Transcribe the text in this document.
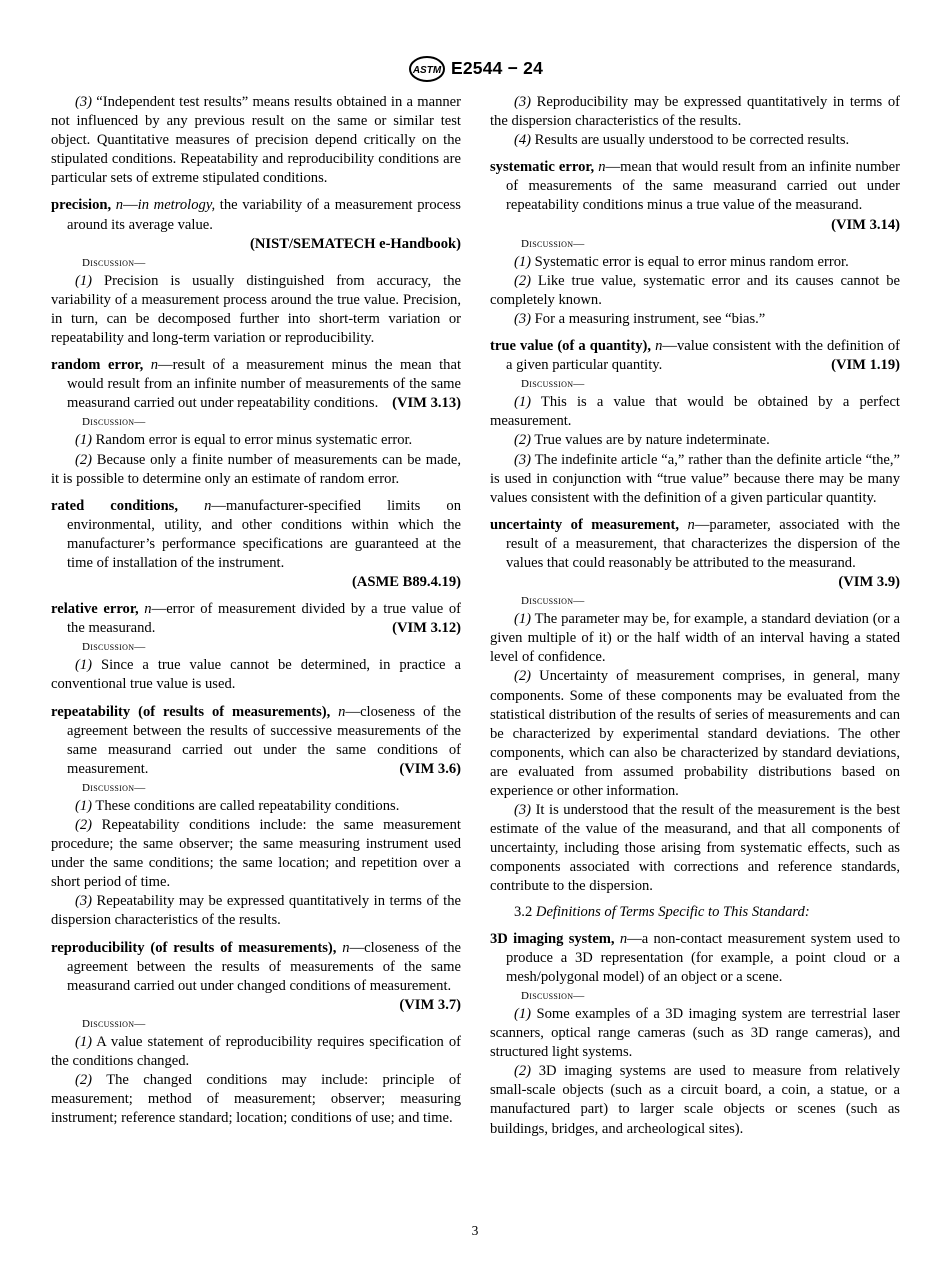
ASTM E2544 − 24

(3) “Independent test results” means results obtained in a manner not influenced by any previous result on the same or similar test object. Quantitative measures of precision depend critically on the stipulated conditions. Repeatability and reproducibility conditions are particular sets of extreme stipulated conditions.

precision, n—in metrology, the variability of a measurement process around its average value.

(NIST/SEMATECH e-Handbook)

Discussion—

(1) Precision is usually distinguished from accuracy, the variability of a measurement process around the true value. Precision, in turn, can be decomposed further into short-term variation or repeatability and long-term variation or reproducibility.

random error, n—result of a measurement minus the mean that would result from an infinite number of measurements of the same measurand carried out under repeatability conditions. (VIM 3.13)

Discussion—

(1) Random error is equal to error minus systematic error.

(2) Because only a finite number of measurements can be made, it is possible to determine only an estimate of random error.

rated conditions, n—manufacturer-specified limits on environmental, utility, and other conditions within which the manufacturer’s performance specifications are guaranteed at the time of installation of the instrument.

(ASME B89.4.19)

relative error, n—error of measurement divided by a true value of the measurand.	(VIM 3.12)

Discussion—

(1) Since a true value cannot be determined, in practice a conventional true value is used.

repeatability (of results of measurements), n—closeness of the agreement between the results of successive measurements of the same measurand carried out under the same conditions of measurement.	(VIM 3.6)

Discussion—

(1) These conditions are called repeatability conditions.

(2) Repeatability conditions include: the same measurement procedure; the same observer; the same measuring instrument used under the same conditions; the same location; and repetition over a short period of time.

(3) Repeatability may be expressed quantitatively in terms of the dispersion characteristics of the results.

reproducibility (of results of measurements), n—closeness of the agreement between the results of measurements of the same measurand carried out under changed conditions of measurement.
(VIM 3.7)

Discussion—

(1) A value statement of reproducibility requires specification of the conditions changed.

(2) The changed conditions may include: principle of measurement; method of measurement; observer; measuring instrument; reference standard; location; conditions of use; and time.

(3) Reproducibility may be expressed quantitatively in terms of the dispersion characteristics of the results.

(4) Results are usually understood to be corrected results.

systematic error, n—mean that would result from an infinite number of measurements of the same measurand carried out under repeatability conditions minus a true value of the measurand.
(VIM 3.14)

Discussion—

(1) Systematic error is equal to error minus random error.

(2) Like true value, systematic error and its causes cannot be completely known.

(3) For a measuring instrument, see “bias.”

true value (of a quantity), n—value consistent with the definition of a given particular quantity.	(VIM 1.19)

Discussion—

(1) This is a value that would be obtained by a perfect measurement.

(2) True values are by nature indeterminate.

(3) The indefinite article “a,” rather than the definite article “the,” is used in conjunction with “true value” because there may be many values consistent with the definition of a given particular quantity.

uncertainty of measurement, n—parameter, associated with the result of a measurement, that characterizes the dispersion of the values that could reasonably be attributed to the measurand.
(VIM 3.9)

Discussion—

(1) The parameter may be, for example, a standard deviation (or a given multiple of it) or the half width of an interval having a stated level of confidence.

(2) Uncertainty of measurement comprises, in general, many components. Some of these components may be evaluated from the statistical distribution of the results of series of measurements and can be characterized by experimental standard deviations. The other components, which can also be characterized by standard deviations, are evaluated from assumed probability distributions based on experience or other information.

(3) It is understood that the result of the measurement is the best estimate of the value of the measurand, and that all components of uncertainty, including those arising from systematic effects, such as components associated with corrections and reference standards, contribute to the dispersion.

3.2 Definitions of Terms Specific to This Standard:

3D imaging system, n—a non-contact measurement system used to produce a 3D representation (for example, a point cloud or a mesh/polygonal model) of an object or a scene.

Discussion—

(1) Some examples of a 3D imaging system are terrestrial laser scanners, optical range cameras (such as 3D range cameras), and structured light systems.

(2) 3D imaging systems are used to measure from relatively small-scale objects (such as a circuit board, a coin, a statue, or a manufactured part) to larger scale objects or scenes (such as buildings, bridges, and archeological sites).

3
